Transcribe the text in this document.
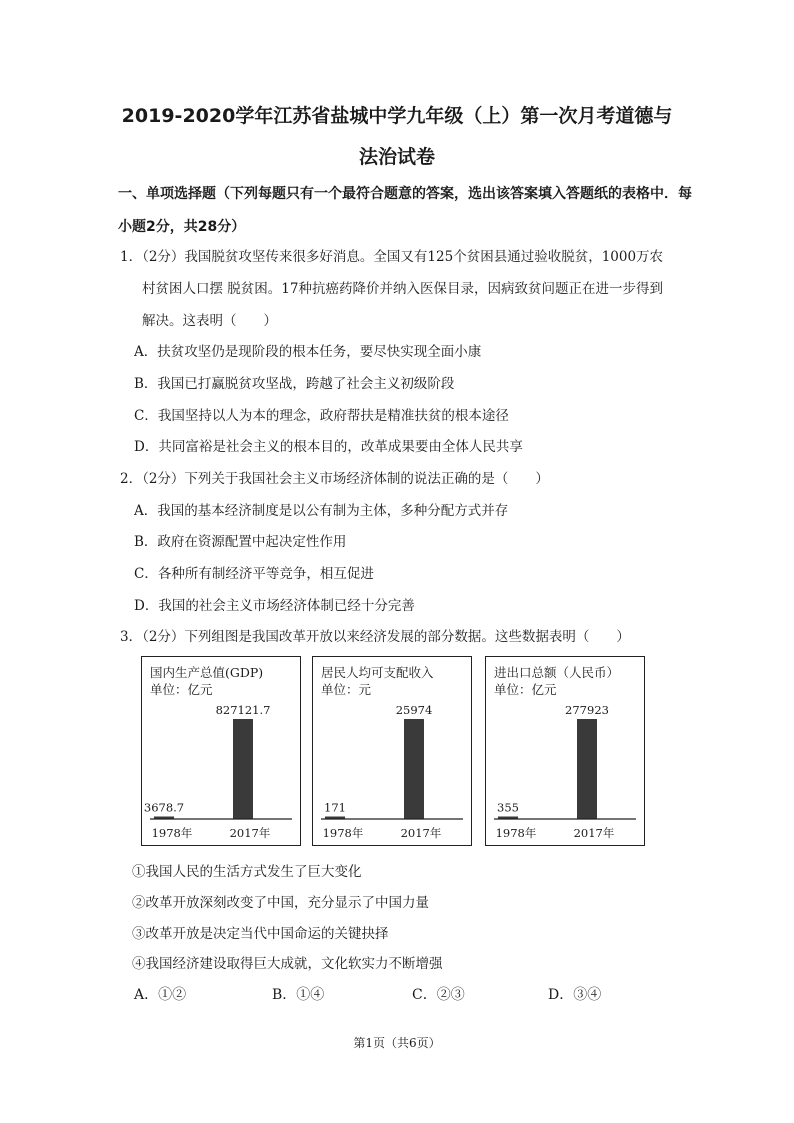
2019-2020学年江苏省盐城中学九年级（上）第一次月考道德与
法治试卷
一、单项选择题（下列每题只有一个最符合题意的答案，选出该答案填入答题纸的表格中．每
小题2分，共28分）
1．（2分）我国脱贫攻坚传来很多好消息。全国又有125个贫困县通过验收脱贫，1000万农
村贫困人口摆 脱贫困。17种抗癌药降价并纳入医保目录，因病致贫问题正在进一步得到
解决。这表明（　　）
A．扶贫攻坚仍是现阶段的根本任务，要尽快实现全面小康
B．我国已打赢脱贫攻坚战，跨越了社会主义初级阶段
C．我国坚持以人为本的理念，政府帮扶是精准扶贫的根本途径
D．共同富裕是社会主义的根本目的，改革成果要由全体人民共享
2．（2分）下列关于我国社会主义市场经济体制的说法正确的是（　　）
A．我国的基本经济制度是以公有制为主体，多种分配方式并存
B．政府在资源配置中起决定性作用
C．各种所有制经济平等竞争，相互促进
D．我国的社会主义市场经济体制已经十分完善
3．（2分）下列组图是我国改革开放以来经济发展的部分数据。这些数据表明（　　）
国内生产总值(GDP)
单位：亿元
3678.7
1978年
827121.7
2017年
居民人均可支配收入
单位：元
171
1978年
25974
2017年
进出口总额（人民币）
单位：亿元
355
1978年
277923
2017年
①我国人民的生活方式发生了巨大变化
②改革开放深刻改变了中国，充分显示了中国力量
③改革开放是决定当代中国命运的关键抉择
④我国经济建设取得巨大成就，文化软实力不断增强
A．①②	B．①④	C．②③	D．③④
第1页（共6页）
